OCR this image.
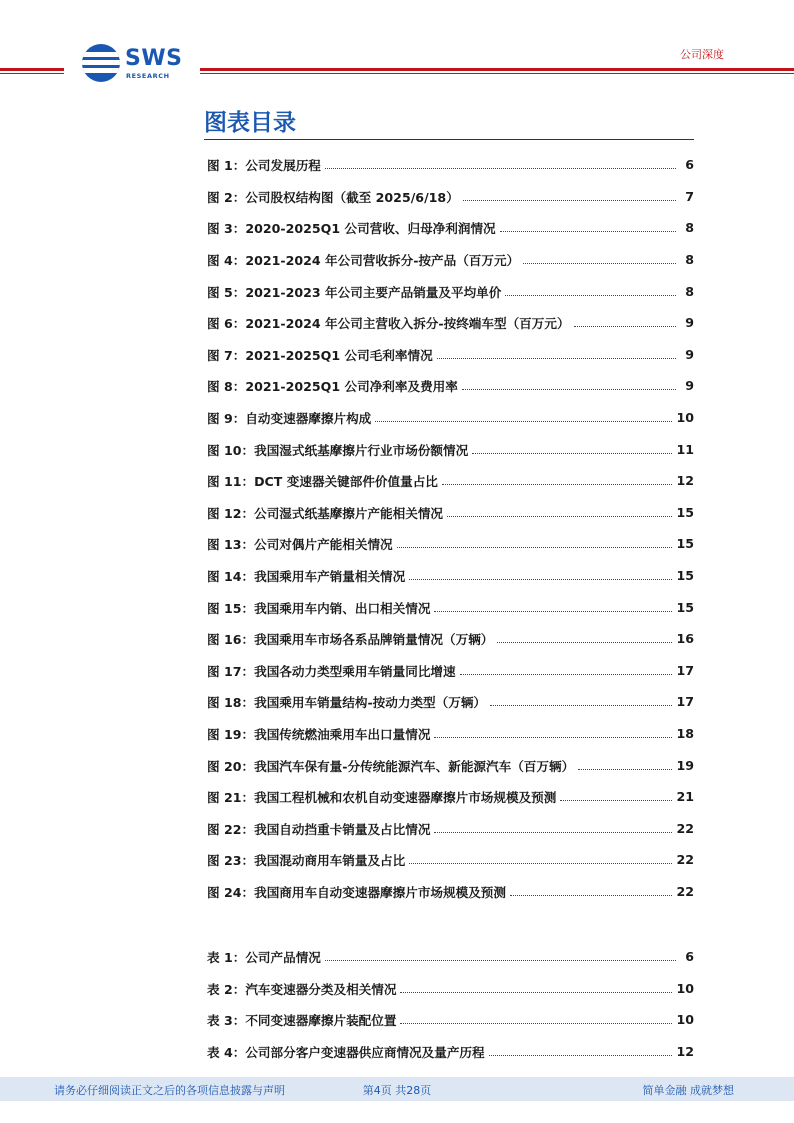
SWS
RESEARCH
公司深度
图表目录
图 1：公司发展历程	6
图 2：公司股权结构图（截至 2025/6/18）	7
图 3：2020-2025Q1 公司营收、归母净利润情况	8
图 4：2021-2024 年公司营收拆分-按产品（百万元）	8
图 5：2021-2023 年公司主要产品销量及平均单价	8
图 6：2021-2024 年公司主营收入拆分-按终端车型（百万元）	9
图 7：2021-2025Q1 公司毛利率情况	9
图 8：2021-2025Q1 公司净利率及费用率	9
图 9：自动变速器摩擦片构成	10
图 10：我国湿式纸基摩擦片行业市场份额情况	11
图 11：DCT 变速器关键部件价值量占比	12
图 12：公司湿式纸基摩擦片产能相关情况	15
图 13：公司对偶片产能相关情况	15
图 14：我国乘用车产销量相关情况	15
图 15：我国乘用车内销、出口相关情况	15
图 16：我国乘用车市场各系品牌销量情况（万辆）	16
图 17：我国各动力类型乘用车销量同比增速	17
图 18：我国乘用车销量结构-按动力类型（万辆）	17
图 19：我国传统燃油乘用车出口量情况	18
图 20：我国汽车保有量-分传统能源汽车、新能源汽车（百万辆）	19
图 21：我国工程机械和农机自动变速器摩擦片市场规模及预测	21
图 22：我国自动挡重卡销量及占比情况	22
图 23：我国混动商用车销量及占比	22
图 24：我国商用车自动变速器摩擦片市场规模及预测	22
表 1：公司产品情况	6
表 2：汽车变速器分类及相关情况	10
表 3：不同变速器摩擦片装配位置	10
表 4：公司部分客户变速器供应商情况及量产历程	12
请务必仔细阅读正文之后的各项信息披露与声明	第4页 共28页	简单金融 成就梦想
